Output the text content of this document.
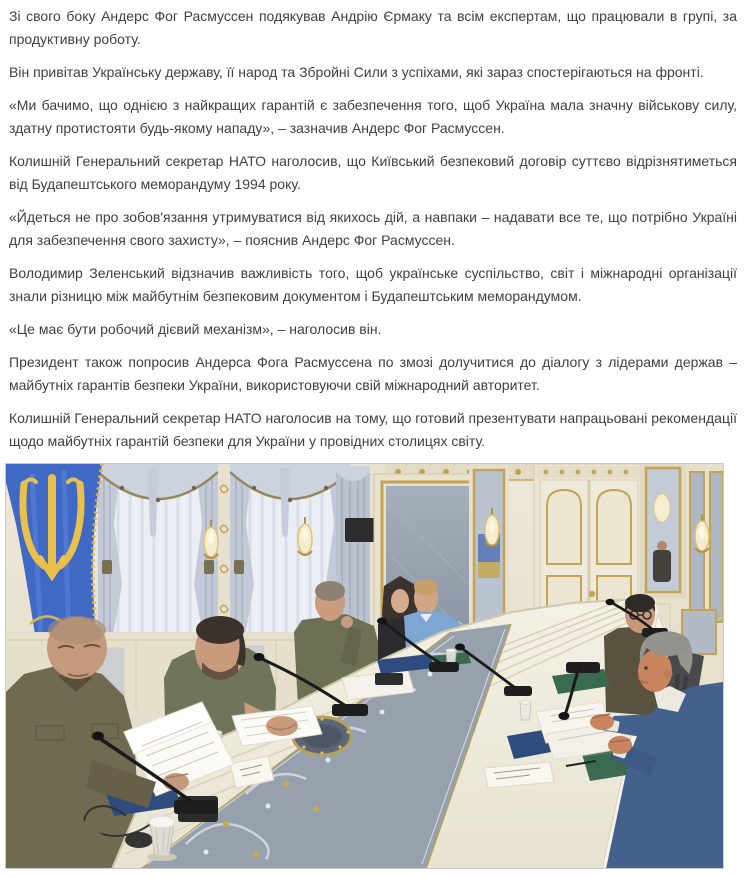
Зі свого боку Андерс Фог Расмуссен подякував Андрію Єрмаку та всім експертам, що працювали в групі, за продуктивну роботу.

Він привітав Українську державу, її народ та Збройні Сили з успіхами, які зараз спостерігаються на фронті.

«Ми бачимо, що однією з найкращих гарантій є забезпечення того, щоб Україна мала значну військову силу, здатну протистояти будь-якому нападу», – зазначив Андерс Фог Расмуссен.

Колишній Генеральний секретар НАТО наголосив, що Київський безпековий договір суттєво відрізнятиметься від Будапештського меморандуму 1994 року.

«Йдеться не про зобов'язання утримуватися від якихось дій, а навпаки – надавати все те, що потрібно Україні для забезпечення свого захисту», – пояснив Андерс Фог Расмуссен.

Володимир Зеленський відзначив важливість того, щоб українське суспільство, світ і міжнародні організації знали різницю між майбутнім безпековим документом і Будапештським меморандумом.

«Це має бути робочий дієвий механізм», – наголосив він.

Президент також попросив Андерса Фога Расмуссена по змозі долучитися до діалогу з лідерами держав – майбутніх гарантів безпеки України, використовуючи свій міжнародний авторитет.

Колишній Генеральний секретар НАТО наголосив на тому, що готовий презентувати напрацьовані рекомендації щодо майбутніх гарантій безпеки для України у провідних столицях світу.
